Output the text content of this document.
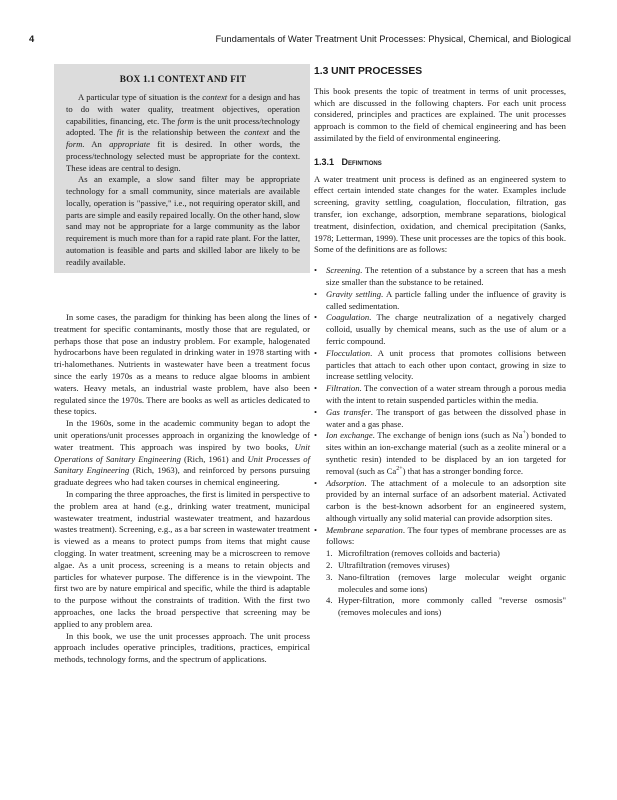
4	Fundamentals of Water Treatment Unit Processes: Physical, Chemical, and Biological
BOX 1.1 CONTEXT AND FIT

A particular type of situation is the context for a design and has to do with water quality, treatment objectives, operation capabilities, financing, etc. The form is the unit process/technology adopted. The fit is the relationship between the context and the form. An appropriate fit is desired. In other words, the process/technology selected must be appropriate for the context. These ideas are central to design.

As an example, a slow sand filter may be appropriate technology for a small community, since materials are available locally, operation is "passive," i.e., not requiring operator skill, and parts are simple and easily repaired locally. On the other hand, slow sand may not be appropriate for a large community as the labor requirement is much more than for a rapid rate plant. For the latter, automation is feasible and parts and skilled labor are likely to be readily available.

In some cases, the paradigm for thinking has been along the lines of treatment for specific contaminants, mostly those that are regulated, or perhaps those that pose an industry problem. For example, halogenated hydrocarbons have been regulated in drinking water in 1978 starting with tri-halomethanes. Nutrients in wastewater have been a treatment focus since the early 1970s as a means to reduce algae blooms in ambient waters. Heavy metals, an industrial waste problem, have also been regulated since the 1970s. There are books as well as articles dedicated to these topics.

In the 1960s, some in the academic community began to adopt the unit operations/unit processes approach in organizing the knowledge of water treatment. This approach was inspired by two books, Unit Operations of Sanitary Engineering (Rich, 1961) and Unit Processes of Sanitary Engineering (Rich, 1963), and reinforced by persons pursuing graduate degrees who had taken courses in chemical engineering.

In comparing the three approaches, the first is limited in perspective to the problem area at hand (e.g., drinking water treatment, municipal wastewater treatment, industrial wastewater treatment, and hazardous wastes treatment). Screening, e.g., as a bar screen in wastewater treatment is viewed as a means to protect pumps from items that might cause clogging. In water treatment, screening may be a microscreen to remove algae. As a unit process, screening is a means to retain objects and particles for whatever purpose. The difference is in the viewpoint. The first two are by nature empirical and specific, while the third is adaptable to the purpose without the constraints of tradition. With the first two approaches, one lacks the broad perspective that screening may be applied to any problem area.

In this book, we use the unit processes approach. The unit process approach includes operative principles, traditions, practices, empirical methods, technology forms, and the spectrum of applications.

1.3 UNIT PROCESSES

This book presents the topic of treatment in terms of unit processes, which are discussed in the following chapters. For each unit process considered, principles and practices are explained. The unit processes approach is common to the field of chemical engineering and has been assimilated by the field of environmental engineering.

1.3.1 Definitions

A water treatment unit process is defined as an engineered system to effect certain intended state changes for the water. Examples include screening, gravity settling, coagulation, flocculation, filtration, gas transfer, ion exchange, adsorption, membrane separations, biological treatment, disinfection, oxidation, and chemical precipitation (Sanks, 1978; Letterman, 1999). These unit processes are the topics of this book. Some of the definitions are as follows:

• Screening. The retention of a substance by a screen that has a mesh size smaller than the substance to be retained.
• Gravity settling. A particle falling under the influence of gravity is called sedimentation.
• Coagulation. The charge neutralization of a negatively charged colloid, usually by chemical means, such as the use of alum or a ferric compound.
• Flocculation. A unit process that promotes collisions between particles that attach to each other upon contact, growing in size to increase settling velocity.
• Filtration. The convection of a water stream through a porous media with the intent to retain suspended particles within the media.
• Gas transfer. The transport of gas between the dissolved phase in water and a gas phase.
• Ion exchange. The exchange of benign ions (such as Na+) bonded to sites within an ion-exchange material (such as a zeolite mineral or a synthetic resin) intended to be displaced by an ion targeted for removal (such as $Ca^{2+}$) that has a stronger bonding force.
• Adsorption. The attachment of a molecule to an adsorption site provided by an internal surface of an adsorbent material. Activated carbon is the best-known adsorbent for an engineered system, although virtually any solid material can provide adsorption sites.
• Membrane separation. The four types of membrane processes are as follows:
1. Microfiltration (removes colloids and bacteria)
2. Ultrafiltration (removes viruses)
3. Nano-filtration (removes large molecular weight organic molecules and some ions)
4. Hyper-filtration, more commonly called "reverse osmosis" (removes molecules and ions)
